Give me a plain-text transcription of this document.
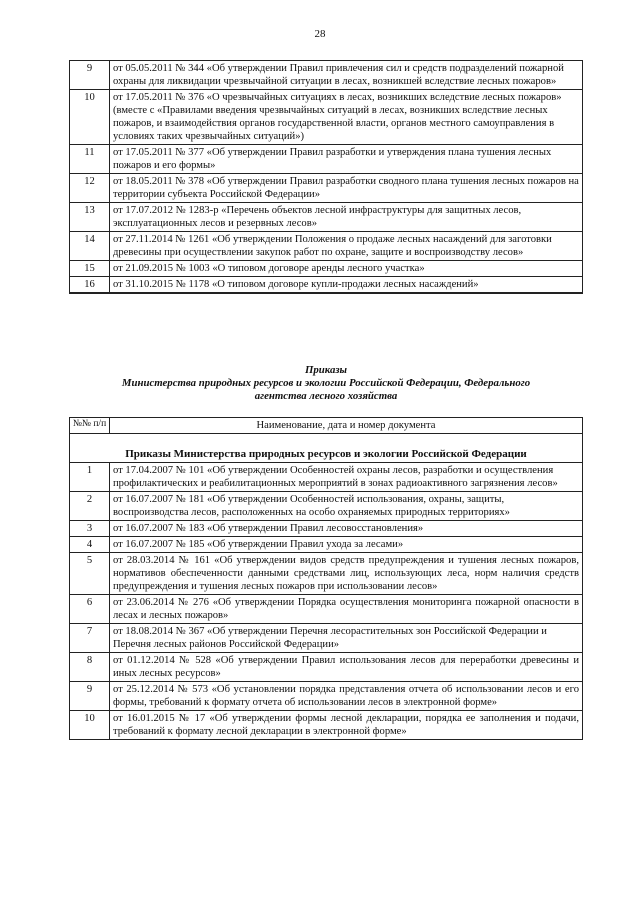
28
9	от 05.05.2011 № 344 «Об утверждении Правил привлечения сил и средств подразделений пожарной охраны для ликвидации чрезвычайной ситуации в лесах, возникшей вследствие лесных пожаров»
10	от 17.05.2011 № 376 «О чрезвычайных ситуациях в лесах, возникших вследствие лесных пожаров» (вместе с «Правилами введения чрезвычайных ситуаций в лесах, возникших вследствие лесных пожаров, и взаимодействия органов государственной власти, органов местного самоуправления в условиях таких чрезвычайных ситуаций»)
11	от 17.05.2011 № 377 «Об утверждении Правил разработки и утверждения плана тушения лесных пожаров и его формы»
12	от 18.05.2011 № 378 «Об утверждении Правил разработки сводного плана тушения лесных пожаров на территории субъекта Российской Федерации»
13	от 17.07.2012 № 1283-р «Перечень объектов лесной инфраструктуры для защитных лесов, эксплуатационных лесов и резервных лесов»
14	от 27.11.2014 № 1261 «Об утверждении Положения о продаже лесных насаждений для заготовки древесины при осуществлении закупок работ по охране, защите и воспроизводству лесов»
15	от 21.09.2015 № 1003 «О типовом договоре аренды лесного участка»
16	от 31.10.2015 № 1178 «О типовом договоре купли-продажи лесных насаждений»
Приказы
Министерства природных ресурсов и экологии Российской Федерации, Федерального
агентства лесного хозяйства
№№ п/п	Наименование, дата и номер документа
Приказы Министерства природных ресурсов и экологии Российской Федерации	
1	от 17.04.2007 № 101 «Об утверждении Особенностей охраны лесов, разработки и осуществления профилактических и реабилитационных мероприятий в зонах радиоактивного загрязнения лесов»
2	от 16.07.2007 № 181 «Об утверждении Особенностей использования, охраны, защиты, воспроизводства лесов, расположенных на особо охраняемых природных территориях»
3	от 16.07.2007 № 183 «Об утверждении Правил лесовосстановления»
4	от 16.07.2007 № 185 «Об утверждении Правил ухода за лесами»
5	от 28.03.2014 № 161 «Об утверждении видов средств предупреждения и тушения лесных пожаров, нормативов обеспеченности данными средствами лиц, использующих леса, норм наличия средств предупреждения и тушения лесных пожаров при использовании лесов»
6	от 23.06.2014 № 276 «Об утверждении Порядка осуществления мониторинга пожарной опасности в лесах и лесных пожаров»
7	от 18.08.2014 № 367 «Об утверждении Перечня лесорастительных зон Российской Федерации и Перечня лесных районов Российской Федерации»
8	от 01.12.2014 № 528 «Об утверждении Правил использования лесов для переработки древесины и иных лесных ресурсов»
9	от 25.12.2014 № 573 «Об установлении порядка представления отчета об использовании лесов и его формы, требований к формату отчета об использовании лесов в электронной форме»
10	от 16.01.2015 № 17 «Об утверждении формы лесной декларации, порядка ее заполнения и подачи, требований к формату лесной декларации в электронной форме»
